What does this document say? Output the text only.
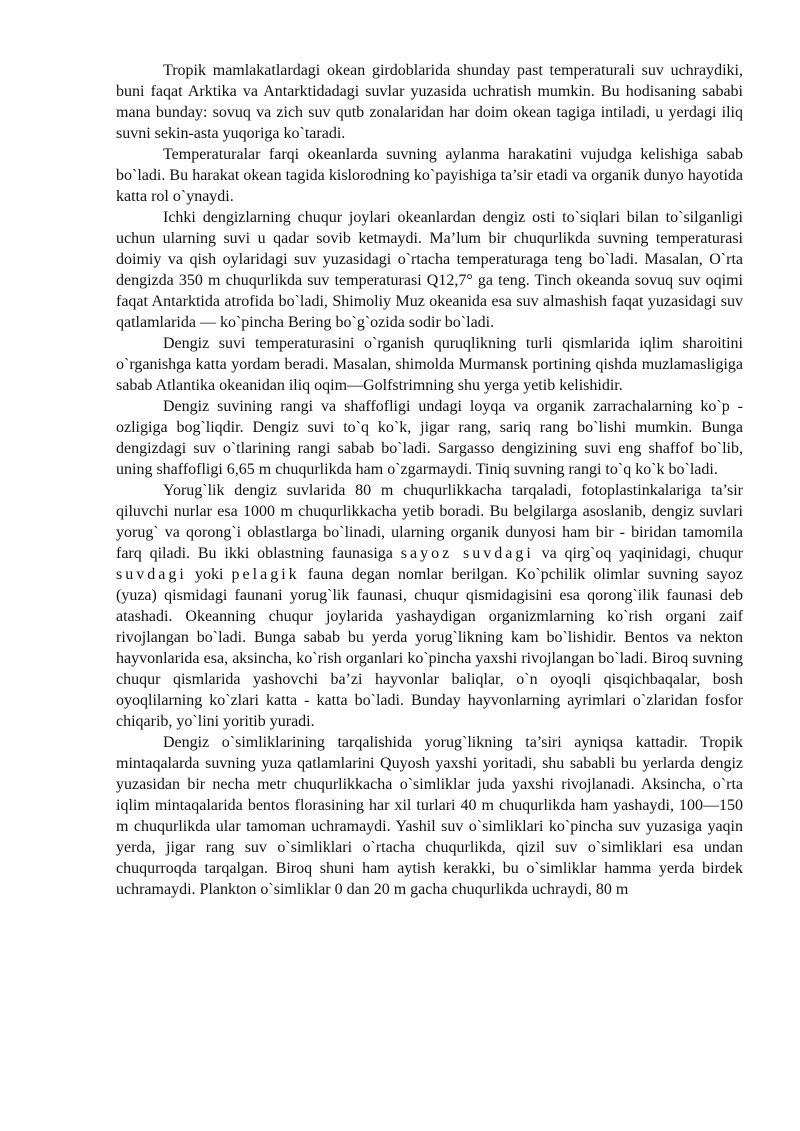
Tropik mamlakatlardagi okean girdoblarida shunday past temperaturali suv uchraydiki, buni faqat Arktika va Antarktidadagi suvlar yuzasida uchratish mumkin. Bu hodisaning sababi mana bunday: sovuq va zich suv qutb zonalaridan har doim okean tagiga intiladi, u yerdagi iliq suvni sekin-asta yuqoriga ko`taradi.

Temperaturalar farqi okeanlarda suvning aylanma harakatini vujudga kelishiga sabab bo`ladi. Bu harakat okean tagida kislorodning ko`payishiga ta’sir etadi va organik dunyo hayotida katta rol o`ynaydi.

Ichki dengizlarning chuqur joylari okeanlardan dengiz osti to`siqlari bilan to`silganligi uchun ularning suvi u qadar sovib ketmaydi. Ma’lum bir chuqurlikda suvning temperaturasi doimiy va qish oylaridagi suv yuzasidagi o`rtacha temperaturaga teng bo`ladi. Masalan, O`rta dengizda 350 m chuqurlikda suv temperaturasi Q12,7° ga teng. Tinch okeanda sovuq suv oqimi faqat Antarktida atrofida bo`ladi, Shimoliy Muz okeanida esa suv almashish faqat yuzasidagi suv qatlamlarida — ko`pincha Bering bo`g`ozida sodir bo`ladi.

Dengiz suvi temperaturasini o`rganish quruqlikning turli qismlarida iqlim sharoitini o`rganishga katta yordam beradi. Masalan, shimolda Murmansk portining qishda muzlamasligiga sabab Atlantika okeanidan iliq oqim—Golfstrimning shu yerga yetib kelishidir.

Dengiz suvining rangi va shaffofligi undagi loyqa va organik zarrachalarning ko`p - ozligiga bog`liqdir. Dengiz suvi to`q ko`k, jigar rang, sariq rang bo`lishi mumkin. Bunga dengizdagi suv o`tlarining rangi sabab bo`ladi. Sargasso dengizining suvi eng shaffof bo`lib, uning shaffofligi 6,65 m chuqurlikda ham o`zgarmaydi. Tiniq suvning rangi to`q ko`k bo`ladi.

Yorug`lik dengiz suvlarida 80 m chuqurlikkacha tarqaladi, fotoplastinkalariga ta’sir qiluvchi nurlar esa 1000 m chuqurlikkacha yetib boradi. Bu belgilarga asoslanib, dengiz suvlari yorug` va qorong`i oblastlarga bo`linadi, ularning organik dunyosi ham bir - biridan tamomila farq qiladi. Bu ikki oblastning faunasiga sayoz suvdagi va qirg`oq yaqinidagi, chuqur suvdagi yoki pelagik fauna degan nomlar berilgan. Ko`pchilik olimlar suvning sayoz (yuza) qismidagi faunani yorug`lik faunasi, chuqur qismidagisini esa qorong`ilik faunasi deb atashadi. Okeanning chuqur joylarida yashaydigan organizmlarning ko`rish organi zaif rivojlangan bo`ladi. Bunga sabab bu yerda yorug`likning kam bo`lishidir. Bentos va nekton hayvonlarida esa, aksincha, ko`rish organlari ko`pincha yaxshi rivojlangan bo`ladi. Biroq suvning chuqur qismlarida yashovchi ba’zi hayvonlar baliqlar, o`n oyoqli qisqichbaqalar, bosh oyoqlilarning ko`zlari katta - katta bo`ladi. Bunday hayvonlarning ayrimlari o`zlaridan fosfor chiqarib, yo`lini yoritib yuradi.

Dengiz o`simliklarining tarqalishida yorug`likning ta’siri ayniqsa kattadir. Tropik mintaqalarda suvning yuza qatlamlarini Quyosh yaxshi yoritadi, shu sababli bu yerlarda dengiz yuzasidan bir necha metr chuqurlikkacha o`simliklar juda yaxshi rivojlanadi. Aksincha, o`rta iqlim mintaqalarida bentos florasining har xil turlari 40 m chuqurlikda ham yashaydi, 100—150 m chuqurlikda ular tamoman uchramaydi. Yashil suv o`simliklari ko`pincha suv yuzasiga yaqin yerda, jigar rang suv o`simliklari o`rtacha chuqurlikda, qizil suv o`simliklari esa undan chuqurroqda tarqalgan. Biroq shuni ham aytish kerakki, bu o`simliklar hamma yerda birdek uchramaydi. Plankton o`simliklar 0 dan 20 m gacha chuqurlikda uchraydi, 80 m
